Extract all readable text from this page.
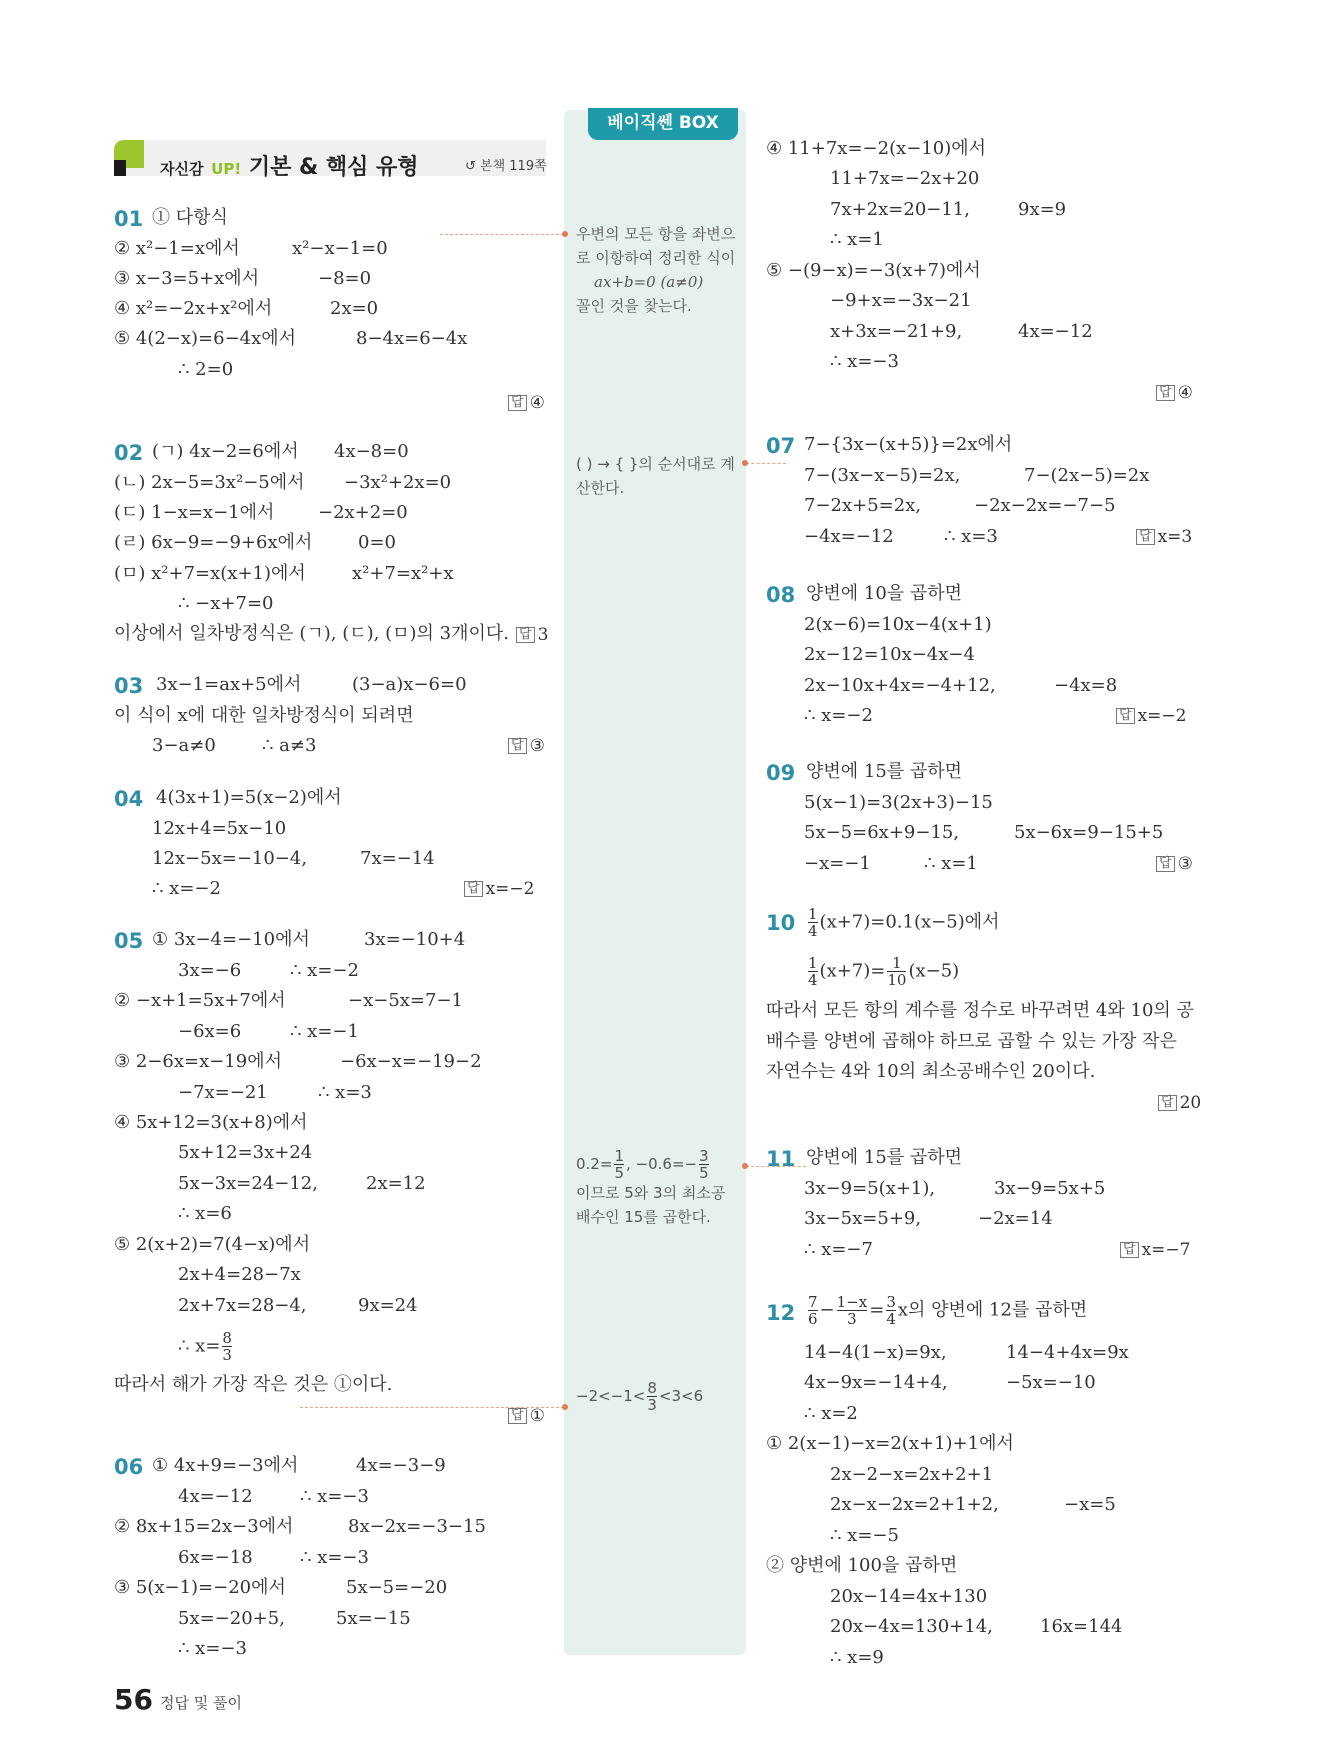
자신감 UP! 기본 & 핵심 유형	↺ 본책 119쪽
베이직쎈 BOX
우변의 모든 항을 좌변으로 이항하여 정리한 식이
ax+b=0 (a≠0)
꼴인 것을 찾는다.
( ) → { }의 순서대로 계산한다.
$0.2= \frac{1}{5}$ , $-0.6=- \frac{3}{5}$
이므로 5와 3의 최소공배수인 15를 곱한다.
$-2<-1< \frac{8}{3} <3<6$
01 ① 다항식
② x²−1=x에서	x²−x−1=0
③ x−3=5+x에서	−8=0
④ x²=−2x+x²에서	2x=0
⑤ 4(2−x)=6−4x에서	8−4x=6−4x
∴ 2=0
답 ④
02 (ㄱ) 4x−2=6에서 4x−8=0
(ㄴ) 2x−5=3x²−5에서 −3x²+2x=0
(ㄷ) 1−x=x−1에서 −2x+2=0
(ㄹ) 6x−9=−9+6x에서	0=0
(ㅁ) x²+7=x(x+1)에서	x²+7=x²+x
∴ −x+7=0
이상에서 일차방정식은 (ㄱ), (ㄷ), (ㅁ)의 3개이다. 답 3
03 3x−1=ax+5에서	(3−a)x−6=0
이 식이 x에 대한 일차방정식이 되려면
3−a≠0	∴ a≠3	답 ③
04 4(3x+1)=5(x−2)에서
12x+4=5x−10
12x−5x=−10−4,	7x=−14
∴ x=−2	답 x=−2
05 ① 3x−4=−10에서	3x=−10+4
3x=−6	∴ x=−2
② −x+1=5x+7에서	−x−5x=7−1
−6x=6	∴ x=−1
③ 2−6x=x−19에서	−6x−x=−19−2
−7x=−21	∴ x=3
④ 5x+12=3(x+8)에서
5x+12=3x+24
5x−3x=24−12,	2x=12
∴ x=6
⑤ 2(x+2)=7(4−x)에서
2x+4=28−7x
2x+7x=28−4,	9x=24
∴ $x= \frac{8}{3}$
따라서 해가 가장 작은 것은 ①이다.
답 ①
06 ① 4x+9=−3에서	4x=−3−9
4x=−12	∴ x=−3
② 8x+15=2x−3에서	8x−2x=−3−15
6x=−18	∴ x=−3
③ 5(x−1)=−20에서	5x−5=−20
5x=−20+5,	5x=−15
∴ x=−3
④ 11+7x=−2(x−10)에서
11+7x=−2x+20
7x+2x=20−11,	9x=9
∴ x=1
⑤ −(9−x)=−3(x+7)에서
−9+x=−3x−21
x+3x=−21+9,	4x=−12
∴ x=−3
답 ④
07 7−{3x−(x+5)}=2x에서
7−(3x−x−5)=2x,	7−(2x−5)=2x
7−2x+5=2x,	−2x−2x=−7−5
−4x=−12	∴ x=3	답 x=3
08 양변에 10을 곱하면
2(x−6)=10x−4(x+1)
2x−12=10x−4x−4
2x−10x+4x=−4+12,	−4x=8
∴ x=−2	답 x=−2
09 양변에 15를 곱하면
5(x−1)=3(2x+3)−15
5x−5=6x+9−15,	5x−6x=9−15+5
−x=−1	∴ x=1	답 ③
$10 \frac{1}{4} (x+7)=0.1(x-5)$에서
$\frac{1}{4} (x+7)= \frac{1}{10} (x-5)$
따라서 모든 항의 계수를 정수로 바꾸려면 4와 10의 공
배수를 양변에 곱해야 하므로 곱할 수 있는 가장 작은
자연수는 4와 10의 최소공배수인 20이다.
답 20
11 양변에 15를 곱하면
3x−9=5(x+1),	3x−9=5x+5
3x−5x=5+9,	−2x=14
∴ x=−7	답 x=−7
$12 \frac{7}{6} - \frac{1-x}{3} = \frac{3}{4}$ x의 양변에 12를 곱하면
14−4(1−x)=9x,	14−4+4x=9x
4x−9x=−14+4,	−5x=−10
∴ x=2
① 2(x−1)−x=2(x+1)+1에서
2x−2−x=2x+2+1
2x−x−2x=2+1+2,	−x=5
∴ x=−5
② 양변에 100을 곱하면
20x−14=4x+130
20x−4x=130+14,	16x=144
∴ x=9
56 정답 및 풀이
